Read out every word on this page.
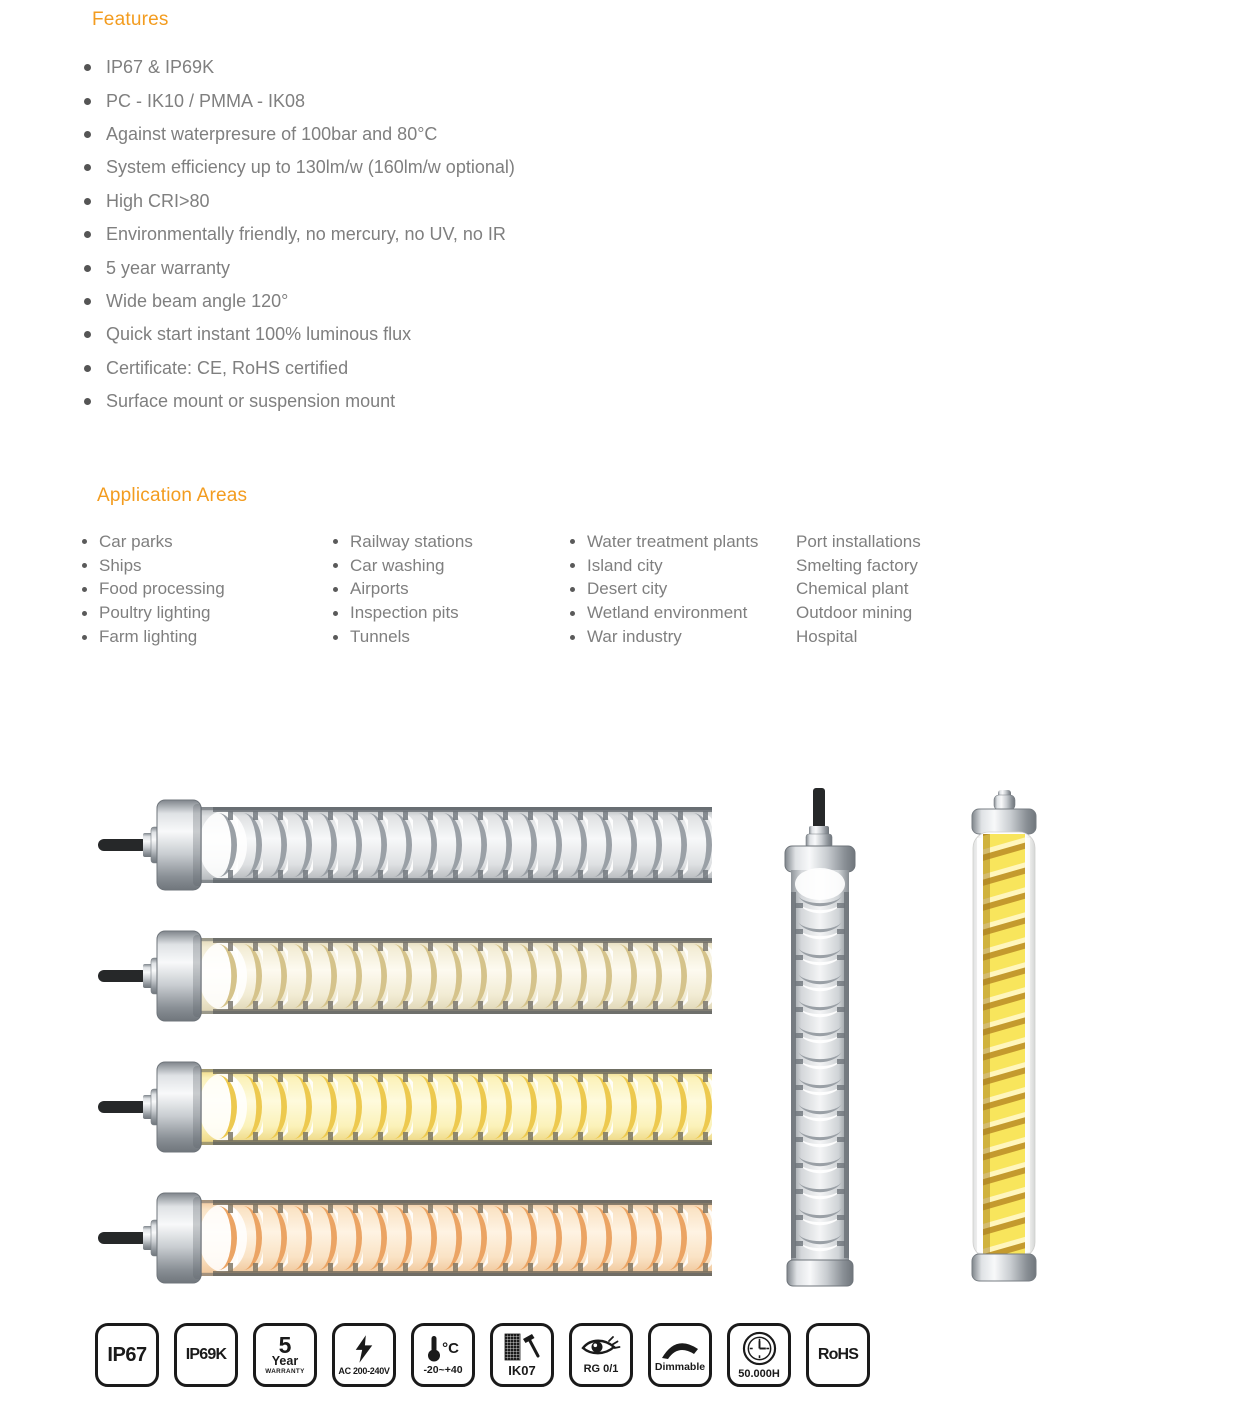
Features
IP67 & IP69K
PC - IK10 / PMMA - IK08
Against waterpresure of 100bar and 80°C
System efficiency up to 130lm/w (160lm/w optional)
High CRI>80
Environmentally friendly, no mercury, no UV, no IR
5 year warranty
Wide beam angle 120°
Quick start instant 100% luminous flux
Certificate: CE, RoHS certified
Surface mount or suspension mount
Application Areas
Car parks
Ships
Food processing
Poultry lighting
Farm lighting
Railway stations
Car washing
Airports
Inspection pits
Tunnels
Water treatment plants
Island city
Desert city
Wetland environment
War industry
Port installations
Smelting factory
Chemical plant
Outdoor mining
Hospital
IP67 IP69K 5
Year
WARRANTY	AC 200-240V
°C
-20~+40	IK07	RG 0/1	Dimmable
50.000H
RoHS
